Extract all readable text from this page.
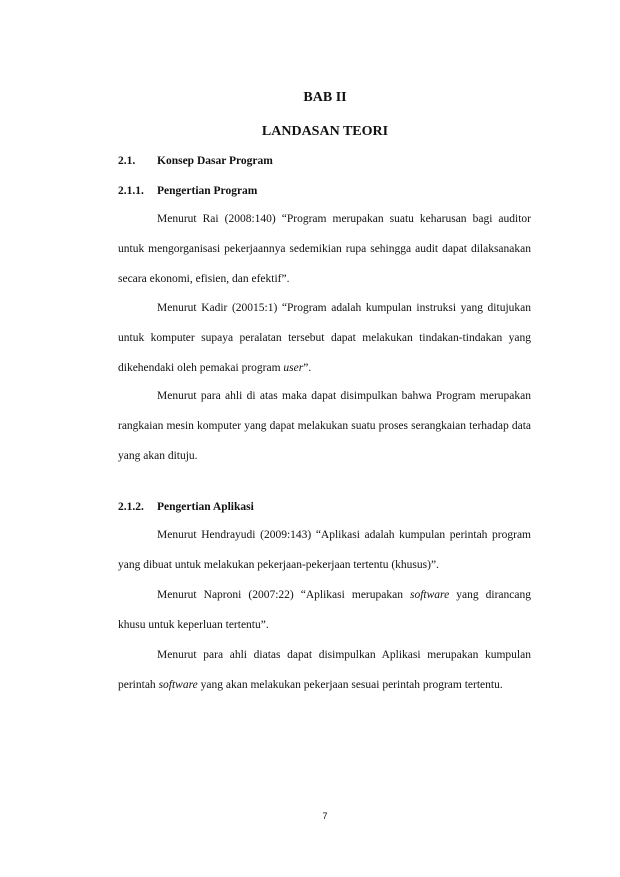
BAB II
LANDASAN TEORI
2.1. Konsep Dasar Program
2.1.1. Pengertian Program

Menurut Rai (2008:140) “Program merupakan suatu keharusan bagi auditor untuk mengorganisasi pekerjaannya sedemikian rupa sehingga audit dapat dilaksanakan secara ekonomi, efisien, dan efektif”.

Menurut Kadir (20015:1) “Program adalah kumpulan instruksi yang ditujukan untuk komputer supaya peralatan tersebut dapat melakukan tindakan-tindakan yang dikehendaki oleh pemakai program user”.

Menurut para ahli di atas maka dapat disimpulkan bahwa Program merupakan rangkaian mesin komputer yang dapat melakukan suatu proses serangkaian terhadap data yang akan dituju.

2.1.2. Pengertian Aplikasi

Menurut Hendrayudi (2009:143) “Aplikasi adalah kumpulan perintah program yang dibuat untuk melakukan pekerjaan-pekerjaan tertentu (khusus)”.

Menurut Naproni (2007:22) “Aplikasi merupakan software yang dirancang khusu untuk keperluan tertentu”.

Menurut para ahli diatas dapat disimpulkan Aplikasi merupakan kumpulan perintah software yang akan melakukan pekerjaan sesuai perintah program tertentu.

7
